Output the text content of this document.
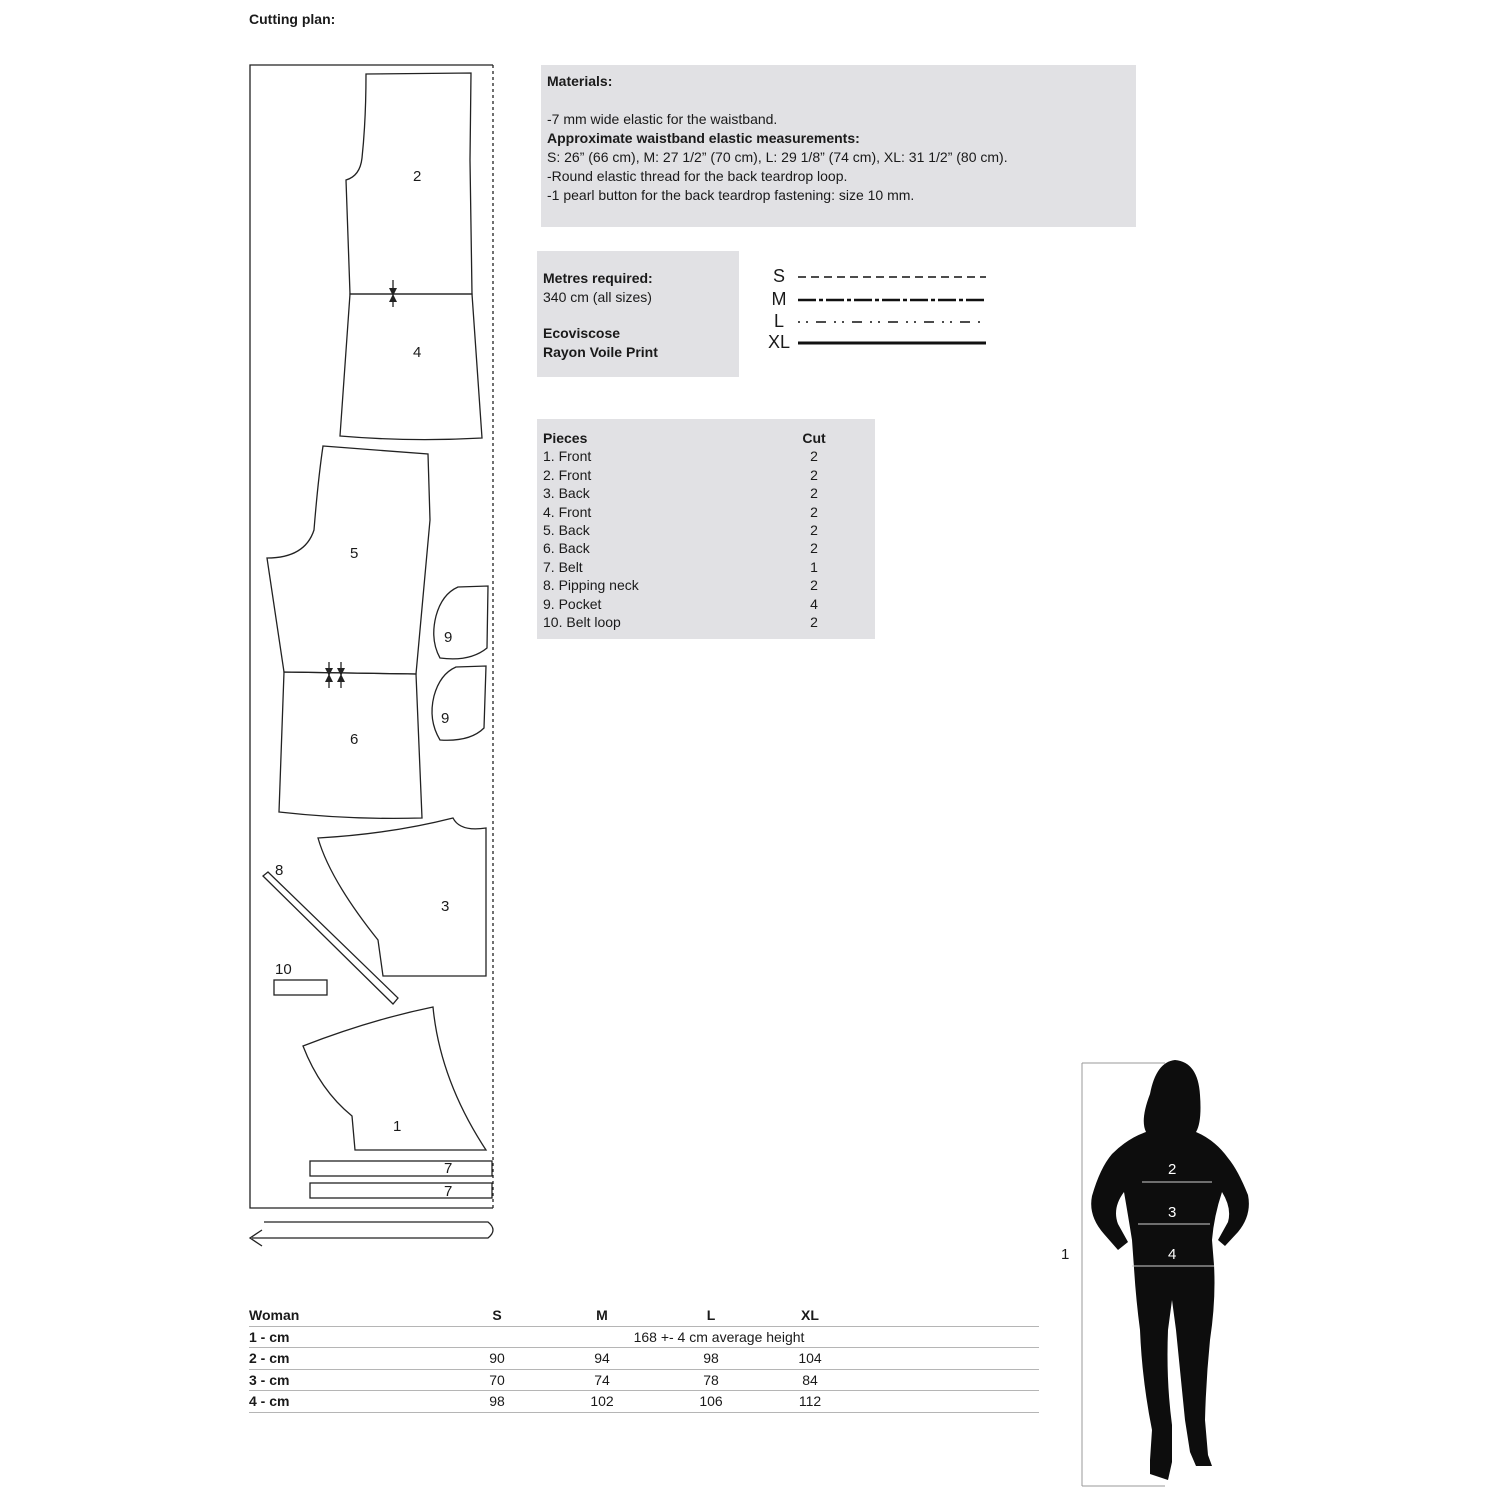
Cutting plan:
2
4
5
9
9
6
8
3
10
1
7
7
Materials:
-7 mm wide elastic for the waistband.
Approximate waistband elastic measurements:
S: 26” (66 cm), M: 27 1/2” (70 cm), L: 29 1/8” (74 cm), XL: 31 1/2” (80 cm).
-Round elastic thread for the back teardrop loop.
-1 pearl button for the back teardrop fastening: size 10 mm.
Metres required:
340 cm (all sizes)
Ecoviscose
Rayon Voile Print
S
M
L
XL
Pieces	Cut
1. Front	2
2. Front	2
3. Back	2
4. Front	2
5. Back	2
6. Back	2
7. Belt	1
8. Pipping neck	2
9. Pocket	4
10. Belt loop	2
Woman	S	M	L	XL
1 - cm	168 +- 4 cm average height
2 - cm	90	94	98	104
3 - cm	70	74	78	84
4 - cm	98	102	106	112
1
2
3
4
